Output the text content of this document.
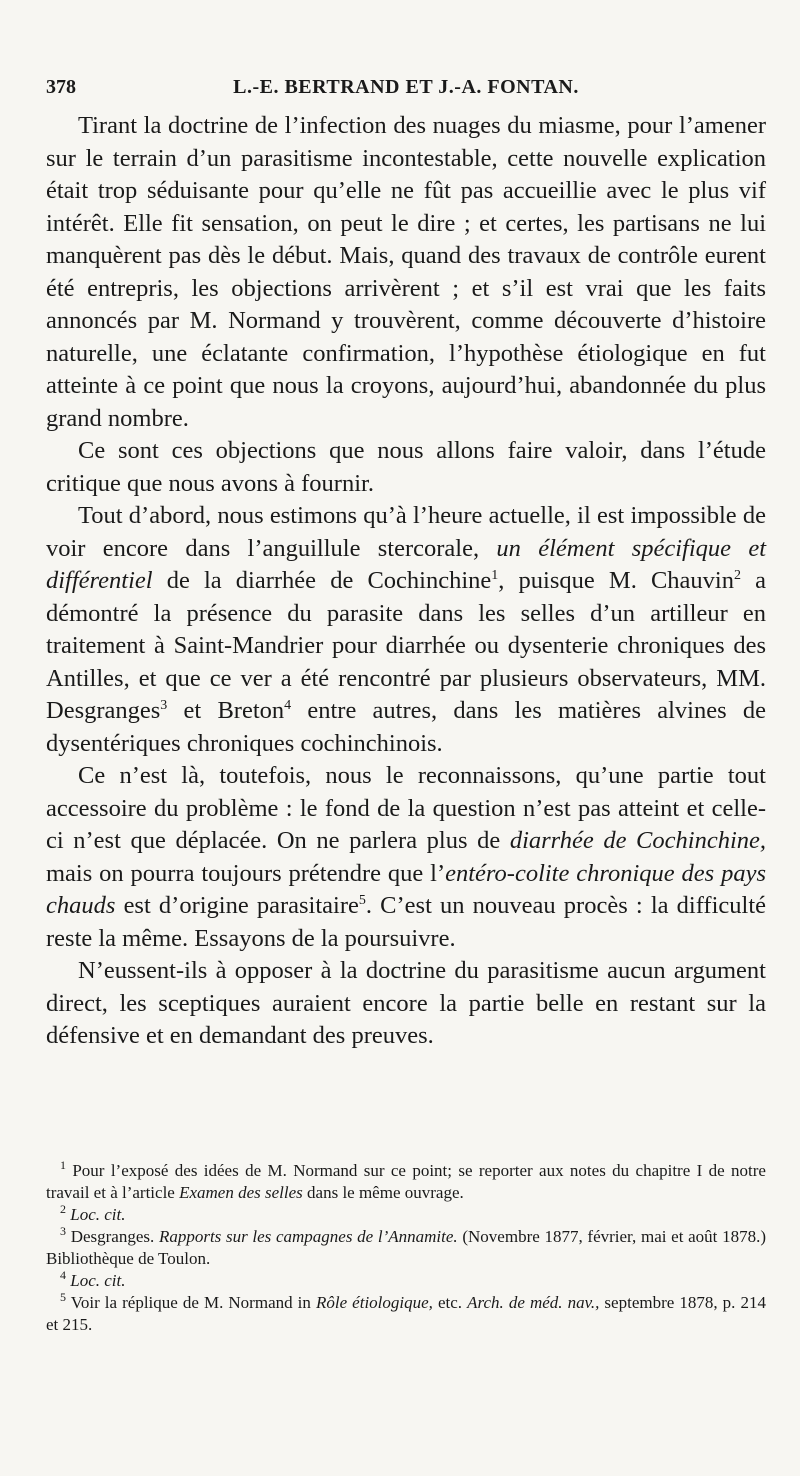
378	L.-E. BERTRAND ET J.-A. FONTAN.

Tirant la doctrine de l’infection des nuages du miasme, pour l’amener sur le terrain d’un parasitisme incontestable, cette nouvelle explication était trop séduisante pour qu’elle ne fût pas accueillie avec le plus vif intérêt. Elle fit sensation, on peut le dire ; et certes, les partisans ne lui manquèrent pas dès le début. Mais, quand des travaux de contrôle eurent été entrepris, les objections arrivèrent ; et s’il est vrai que les faits annoncés par M. Normand y trouvèrent, comme découverte d’histoire naturelle, une éclatante confirmation, l’hypothèse étiologique en fut atteinte à ce point que nous la croyons, aujourd’hui, abandonnée du plus grand nombre.

Ce sont ces objections que nous allons faire valoir, dans l’étude critique que nous avons à fournir.

Tout d’abord, nous estimons qu’à l’heure actuelle, il est impossible de voir encore dans l’anguillule stercorale, un élément spécifique et différentiel de la diarrhée de Cochinchine$^1$, puisque M. Chauvin$^2$ a démontré la présence du parasite dans les selles d’un artilleur en traitement à Saint-Mandrier pour diarrhée ou dysenterie chroniques des Antilles, et que ce ver a été rencontré par plusieurs observateurs, MM. Desgranges$^3$ et Breton$^4$ entre autres, dans les matières alvines de dysentériques chroniques cochinchinois.

Ce n’est là, toutefois, nous le reconnaissons, qu’une partie tout accessoire du problème : le fond de la question n’est pas atteint et celle-ci n’est que déplacée. On ne parlera plus de diarrhée de Cochinchine, mais on pourra toujours prétendre que l’entéro-colite chronique des pays chauds est d’origine parasitaire$^5$. C’est un nouveau procès : la difficulté reste la même. Essayons de la poursuivre.

N’eussent-ils à opposer à la doctrine du parasitisme aucun argument direct, les sceptiques auraient encore la partie belle en restant sur la défensive et en demandant des preuves.

$^1$ Pour l’exposé des idées de M. Normand sur ce point; se reporter aux notes du chapitre I de notre travail et à l’article Examen des selles dans le même ouvrage.

$^2$ Loc. cit.

$^3$ Desgranges. Rapports sur les campagnes de l’Annamite. (Novembre 1877, février, mai et août 1878.) Bibliothèque de Toulon.

$^4$ Loc. cit.

$^5$ Voir la réplique de M. Normand in Rôle étiologique, etc. Arch. de méd. nav., septembre 1878, p. 214 et 215.
